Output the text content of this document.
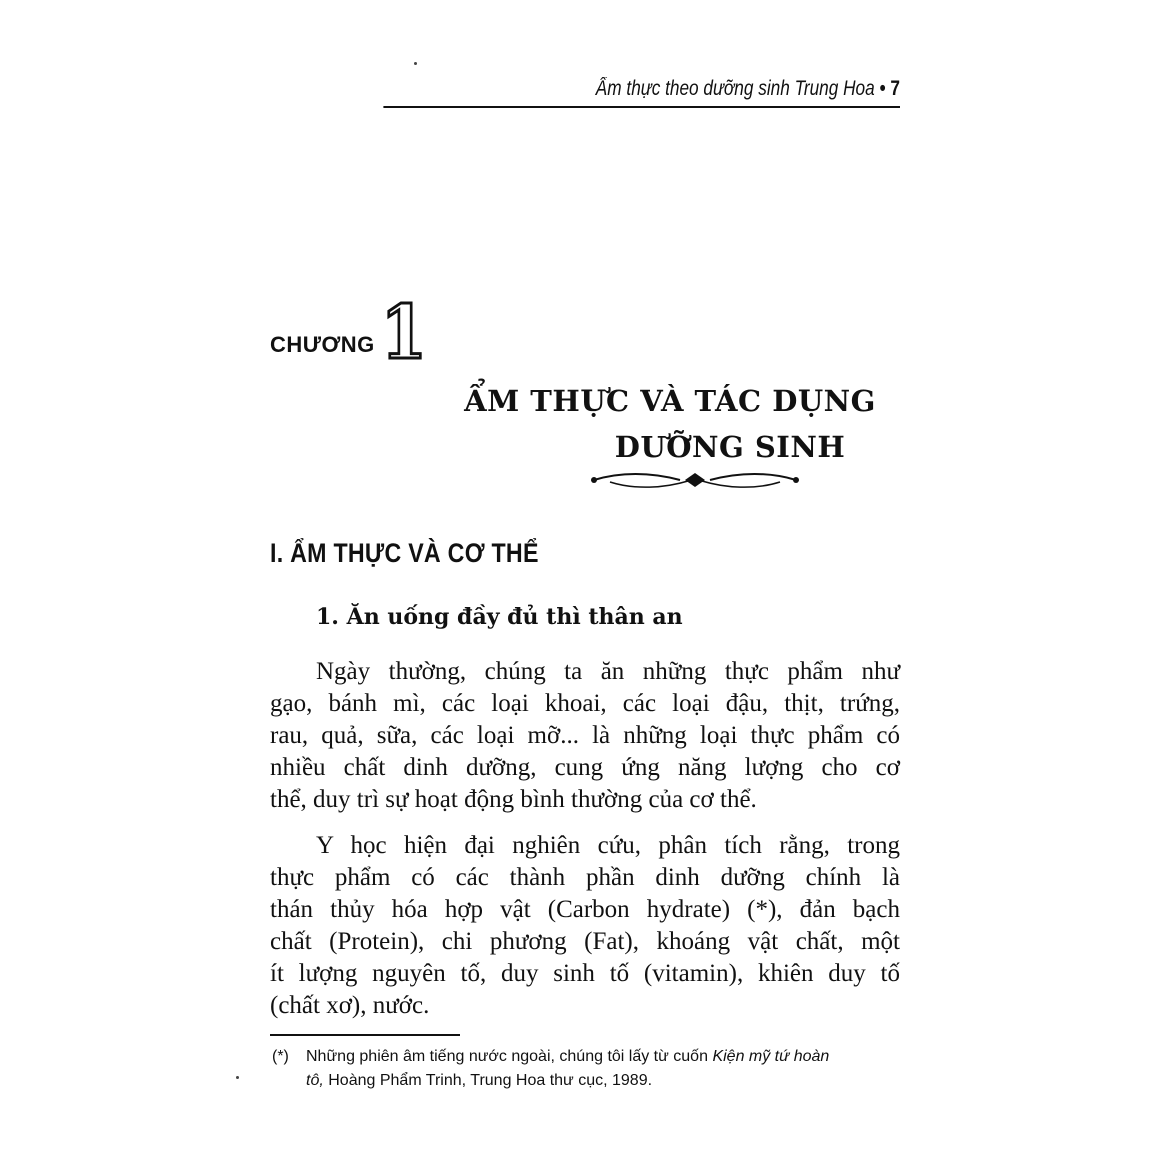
Ẩm thực theo dưỡng sinh Trung Hoa • 7
CHƯƠNG 1
ẨM THỰC VÀ TÁC DỤNG
DƯỠNG SINH
I. ẨM THỰC VÀ CƠ THỂ
1. Ăn uống đầy đủ thì thân an
Ngày thường, chúng ta ăn những thực phẩm như
gạo, bánh mì, các loại khoai, các loại đậu, thịt, trứng,
rau, quả, sữa, các loại mỡ... là những loại thực phẩm có
nhiều chất dinh dưỡng, cung ứng năng lượng cho cơ
thể, duy trì sự hoạt động bình thường của cơ thể.
Y học hiện đại nghiên cứu, phân tích rằng, trong
thực phẩm có các thành phần dinh dưỡng chính là
thán thủy hóa hợp vật (Carbon hydrate) (*), đản bạch
chất (Protein), chi phương (Fat), khoáng vật chất, một
ít lượng nguyên tố, duy sinh tố (vitamin), khiên duy tố
(chất xơ), nước.
(*) Những phiên âm tiếng nước ngoài, chúng tôi lấy từ cuốn Kiện mỹ tứ hoàn
tô, Hoàng Phẩm Trinh, Trung Hoa thư cục, 1989.
